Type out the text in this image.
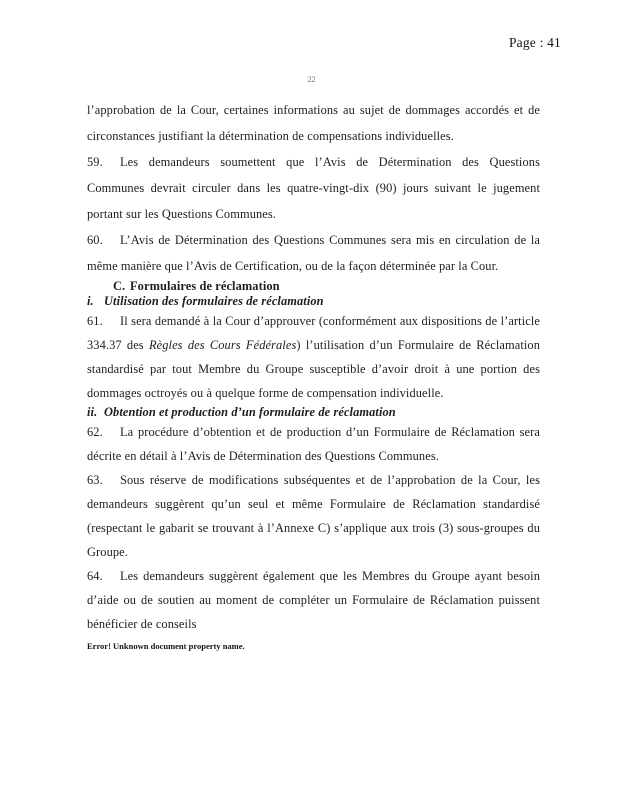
Page : 41
22

l’approbation de la Cour, certaines informations au sujet de dommages accordés et de circonstances justifiant la détermination de compensations individuelles.

59. Les demandeurs soumettent que l’Avis de Détermination des Questions Communes devrait circuler dans les quatre-vingt-dix (90) jours suivant le jugement portant sur les Questions Communes.

60. L’Avis de Détermination des Questions Communes sera mis en circulation de la même manière que l’Avis de Certification, ou de la façon déterminée par la Cour.

C. Formulaires de réclamation

i. Utilisation des formulaires de réclamation

61. Il sera demandé à la Cour d’approuver (conformément aux dispositions de l’article 334.37 des Règles des Cours Fédérales) l’utilisation d’un Formulaire de Réclamation standardisé par tout Membre du Groupe susceptible d’avoir droit à une portion des dommages octroyés ou à quelque forme de compensation individuelle.

ii. Obtention et production d’un formulaire de réclamation

62. La procédure d’obtention et de production d’un Formulaire de Réclamation sera décrite en détail à l’Avis de Détermination des Questions Communes.

63. Sous réserve de modifications subséquentes et de l’approbation de la Cour, les demandeurs suggèrent qu’un seul et même Formulaire de Réclamation standardisé (respectant le gabarit se trouvant à l’Annexe C) s’applique aux trois (3) sous-groupes du Groupe.

64. Les demandeurs suggèrent également que les Membres du Groupe ayant besoin d’aide ou de soutien au moment de compléter un Formulaire de Réclamation puissent bénéficier de conseils

Error! Unknown document property name.
